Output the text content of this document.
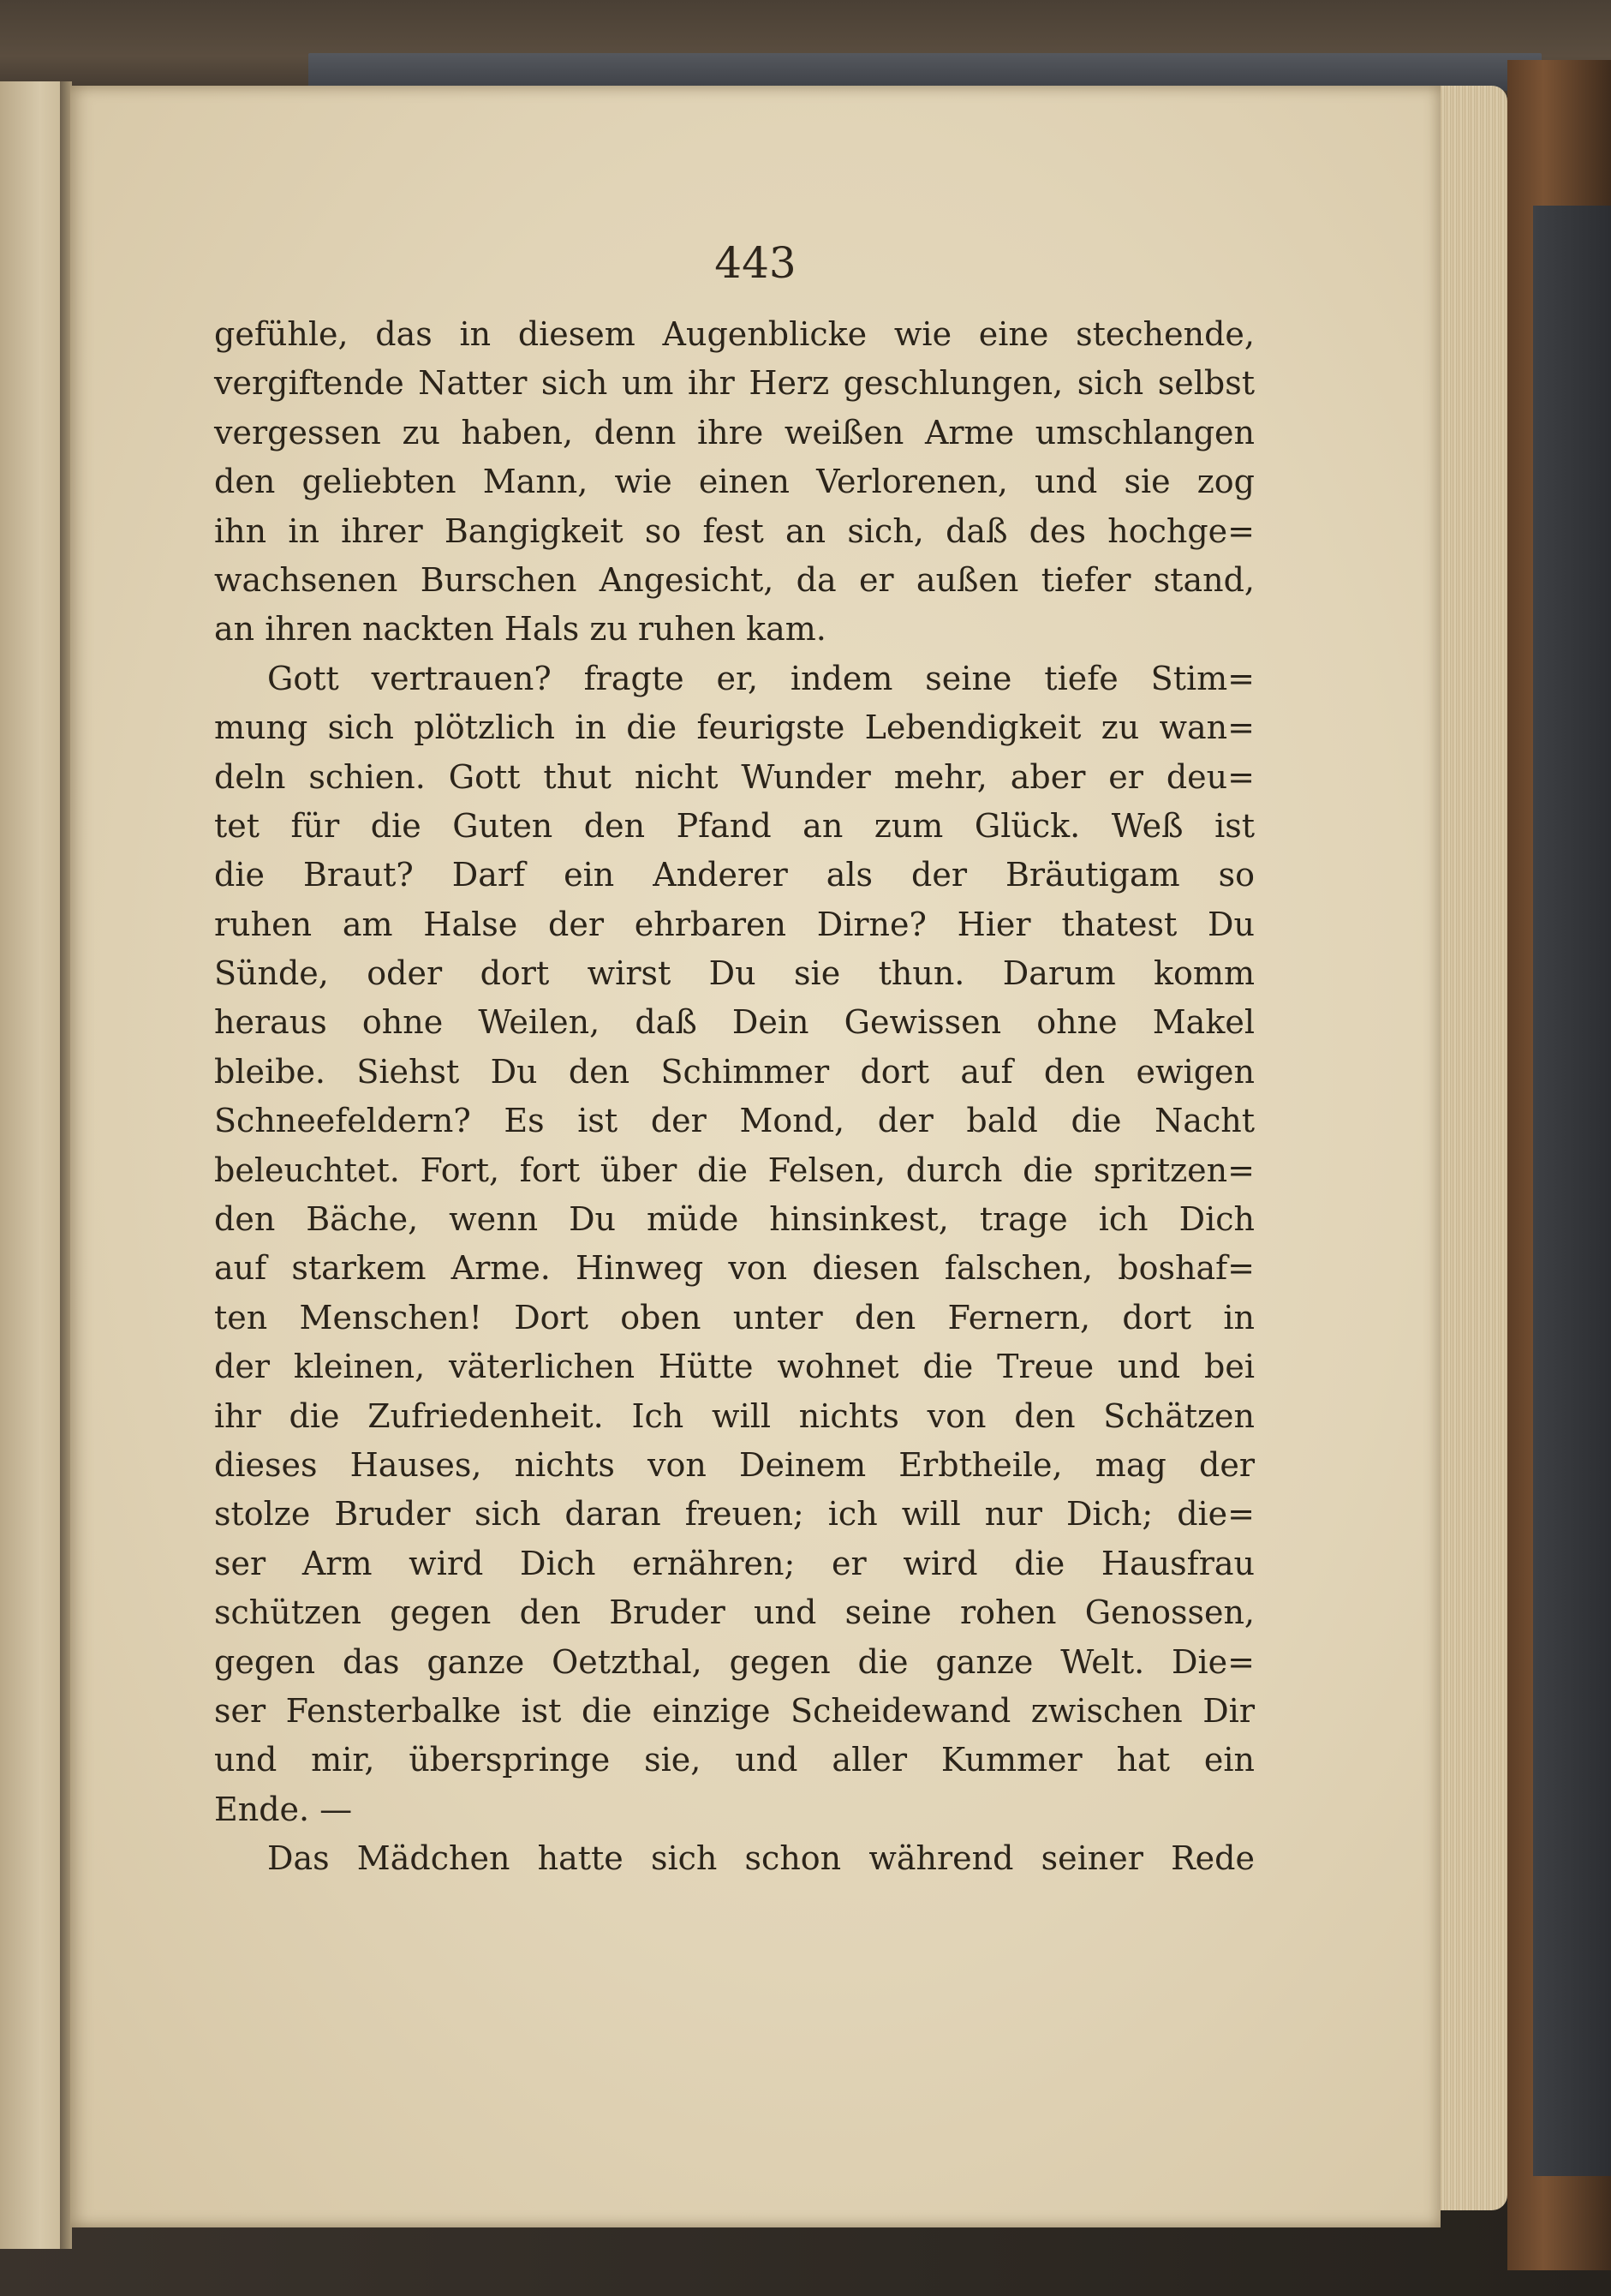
443
gefühle, das in diesem Augenblicke wie eine stechende,
vergiftende Natter sich um ihr Herz geschlungen, sich selbst
vergessen zu haben, denn ihre weißen Arme umschlangen
den geliebten Mann, wie einen Verlorenen, und sie zog
ihn in ihrer Bangigkeit so fest an sich, daß des hochge=
wachsenen Burschen Angesicht, da er außen tiefer stand,
an ihren nackten Hals zu ruhen kam.
Gott vertrauen? fragte er, indem seine tiefe Stim=
mung sich plötzlich in die feurigste Lebendigkeit zu wan=
deln schien. Gott thut nicht Wunder mehr, aber er deu=
tet für die Guten den Pfand an zum Glück. Weß ist
die Braut? Darf ein Anderer als der Bräutigam so
ruhen am Halse der ehrbaren Dirne? Hier thatest Du
Sünde, oder dort wirst Du sie thun. Darum komm
heraus ohne Weilen, daß Dein Gewissen ohne Makel
bleibe. Siehst Du den Schimmer dort auf den ewigen
Schneefeldern? Es ist der Mond, der bald die Nacht
beleuchtet. Fort, fort über die Felsen, durch die spritzen=
den Bäche, wenn Du müde hinsinkest, trage ich Dich
auf starkem Arme. Hinweg von diesen falschen, boshaf=
ten Menschen! Dort oben unter den Fernern, dort in
der kleinen, väterlichen Hütte wohnet die Treue und bei
ihr die Zufriedenheit. Ich will nichts von den Schätzen
dieses Hauses, nichts von Deinem Erbtheile, mag der
stolze Bruder sich daran freuen; ich will nur Dich; die=
ser Arm wird Dich ernähren; er wird die Hausfrau
schützen gegen den Bruder und seine rohen Genossen,
gegen das ganze Oetzthal, gegen die ganze Welt. Die=
ser Fensterbalke ist die einzige Scheidewand zwischen Dir
und mir, überspringe sie, und aller Kummer hat ein
Ende. —
Das Mädchen hatte sich schon während seiner Rede
